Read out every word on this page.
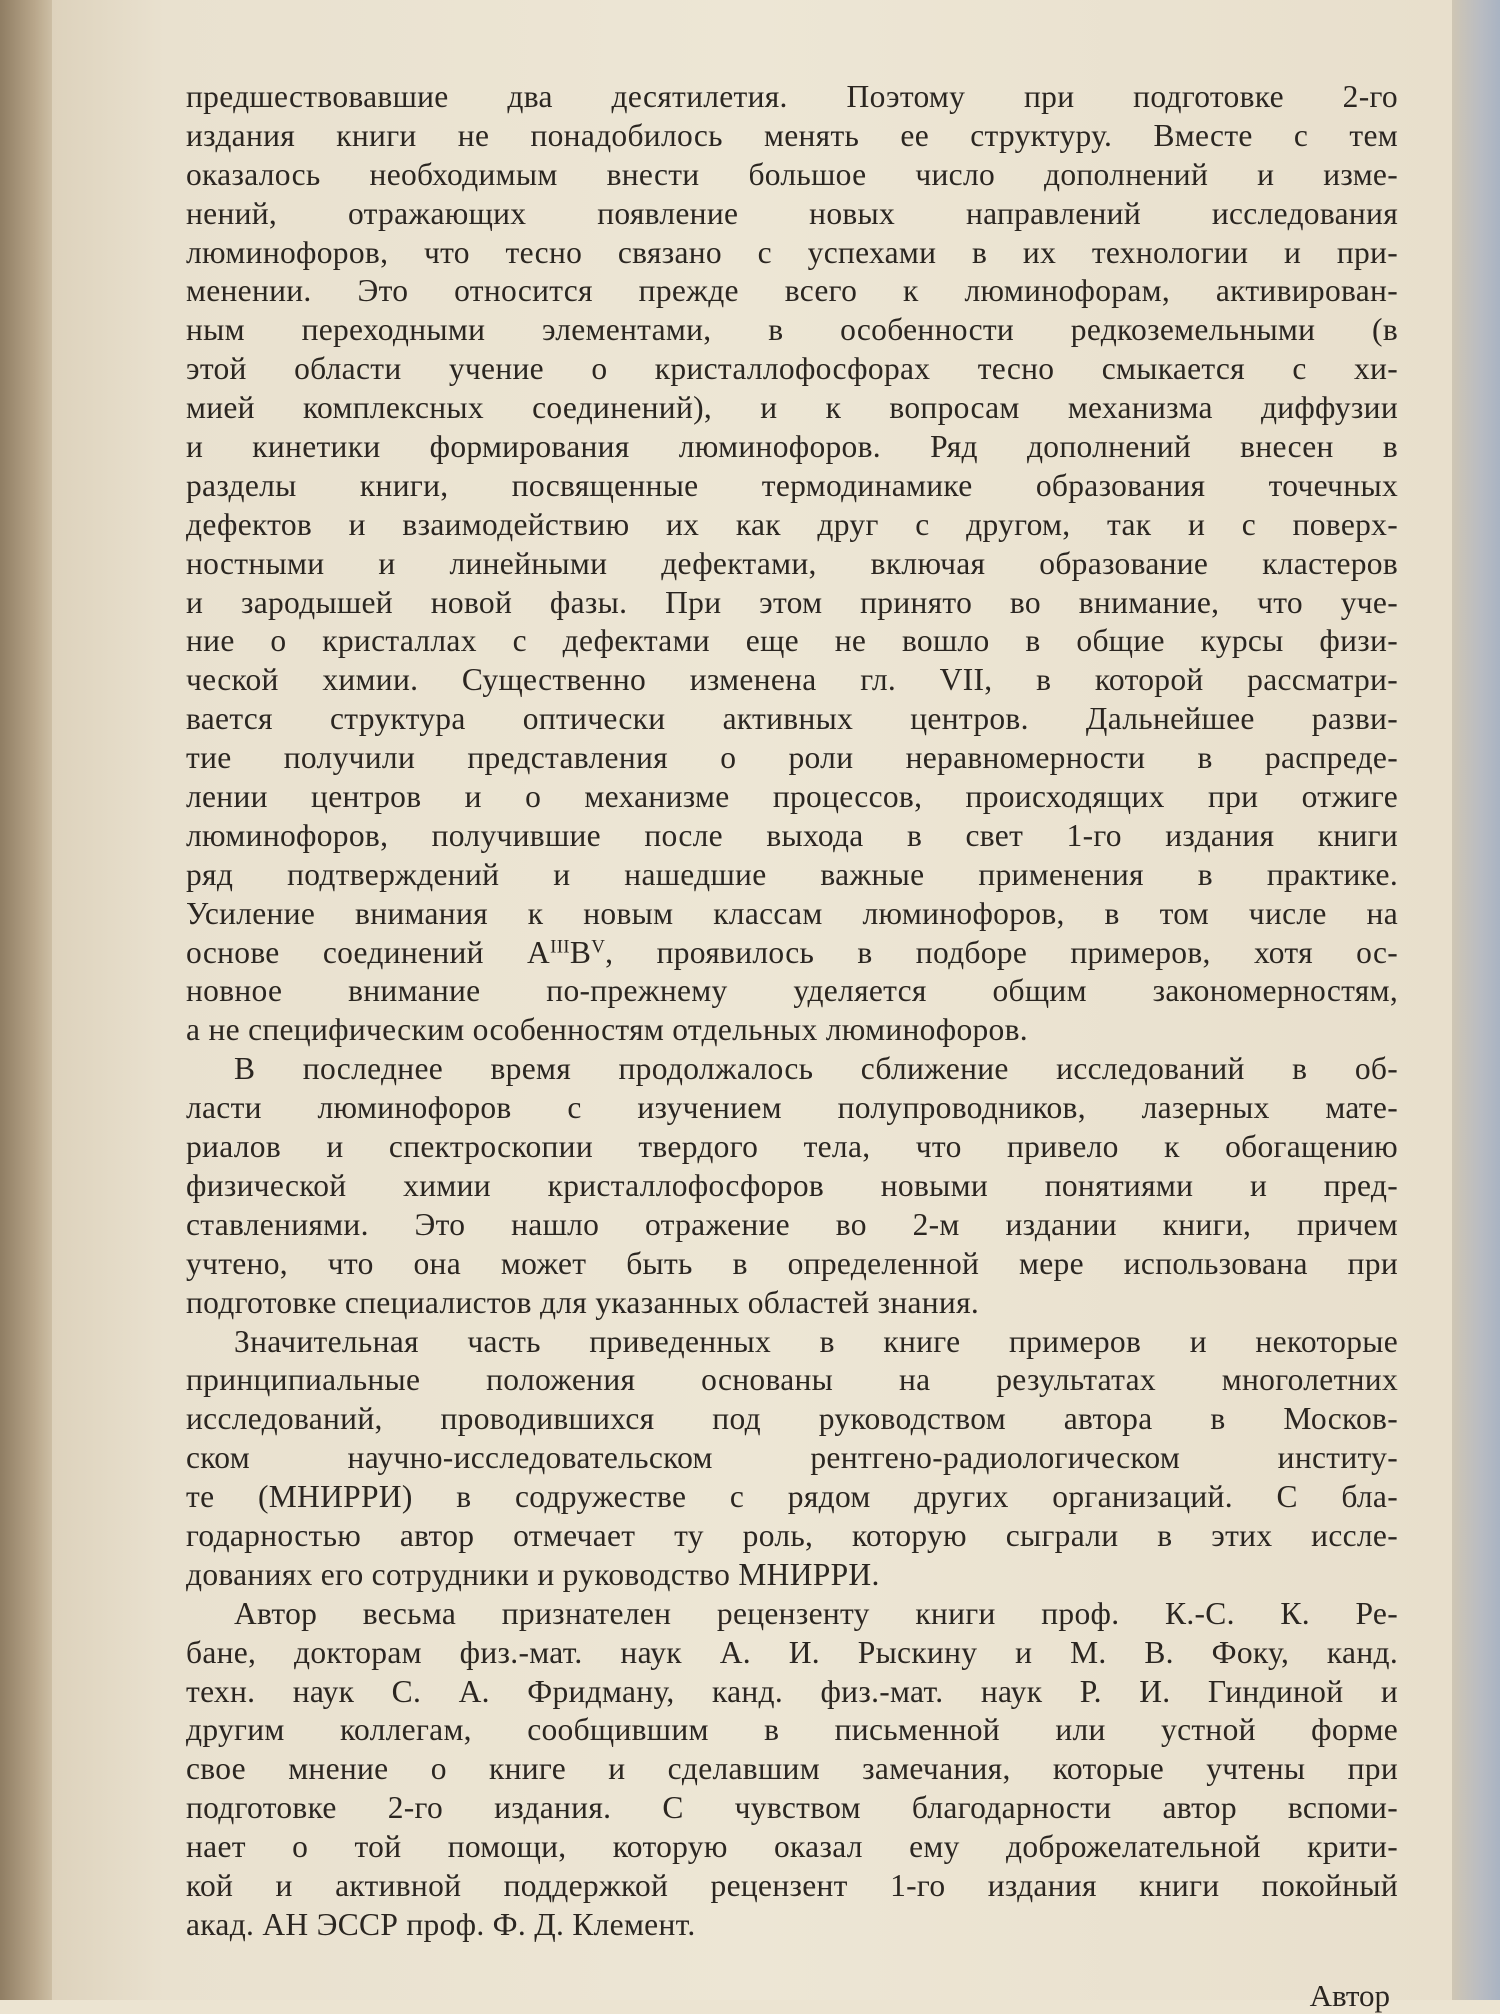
предшествовавшие два десятилетия. Поэтому при подготовке 2-го
издания книги не понадобилось менять ее структуру. Вместе с тем
оказалось необходимым внести большое число дополнений и изме-
нений, отражающих появление новых направлений исследования
люминофоров, что тесно связано с успехами в их технологии и при-
менении. Это относится прежде всего к люминофорам, активирован-
ным переходными элементами, в особенности редкоземельными (в
этой области учение о кристаллофосфорах тесно смыкается с хи-
мией комплексных соединений), и к вопросам механизма диффузии
и кинетики формирования люминофоров. Ряд дополнений внесен в
разделы книги, посвященные термодинамике образования точечных
дефектов и взаимодействию их как друг с другом, так и с поверх-
ностными и линейными дефектами, включая образование кластеров
и зародышей новой фазы. При этом принято во внимание, что уче-
ние о кристаллах с дефектами еще не вошло в общие курсы физи-
ческой химии. Существенно изменена гл. VII, в которой рассматри-
вается структура оптически активных центров. Дальнейшее разви-
тие получили представления о роли неравномерности в распреде-
лении центров и о механизме процессов, происходящих при отжиге
люминофоров, получившие после выхода в свет 1-го издания книги
ряд подтверждений и нашедшие важные применения в практике.
Усиление внимания к новым классам люминофоров, в том числе на
основе соединений $A^{III}B^V$, проявилось в подборе примеров, хотя ос-
новное внимание по-прежнему уделяется общим закономерностям,
а не специфическим особенностям отдельных люминофоров.
В последнее время продолжалось сближение исследований в об-
ласти люминофоров с изучением полупроводников, лазерных мате-
риалов и спектроскопии твердого тела, что привело к обогащению
физической химии кристаллофосфоров новыми понятиями и пред-
ставлениями. Это нашло отражение во 2-м издании книги, причем
учтено, что она может быть в определенной мере использована при
подготовке специалистов для указанных областей знания.
Значительная часть приведенных в книге примеров и некоторые
принципиальные положения основаны на результатах многолетних
исследований, проводившихся под руководством автора в Москов-
ском научно-исследовательском рентгено-радиологическом институ-
те (МНИРРИ) в содружестве с рядом других организаций. С бла-
годарностью автор отмечает ту роль, которую сыграли в этих иссле-
дованиях его сотрудники и руководство МНИРРИ.
Автор весьма признателен рецензенту книги проф. К.-С. К. Ре-
бане, докторам физ.-мат. наук А. И. Рыскину и М. В. Фоку, канд.
техн. наук С. А. Фридману, канд. физ.-мат. наук Р. И. Гиндиной и
другим коллегам, сообщившим в письменной или устной форме
свое мнение о книге и сделавшим замечания, которые учтены при
подготовке 2-го издания. С чувством благодарности автор вспоми-
нает о той помощи, которую оказал ему доброжелательной крити-
кой и активной поддержкой рецензент 1-го издания книги покойный
акад. АН ЭССР проф. Ф. Д. Клемент.
Автор
